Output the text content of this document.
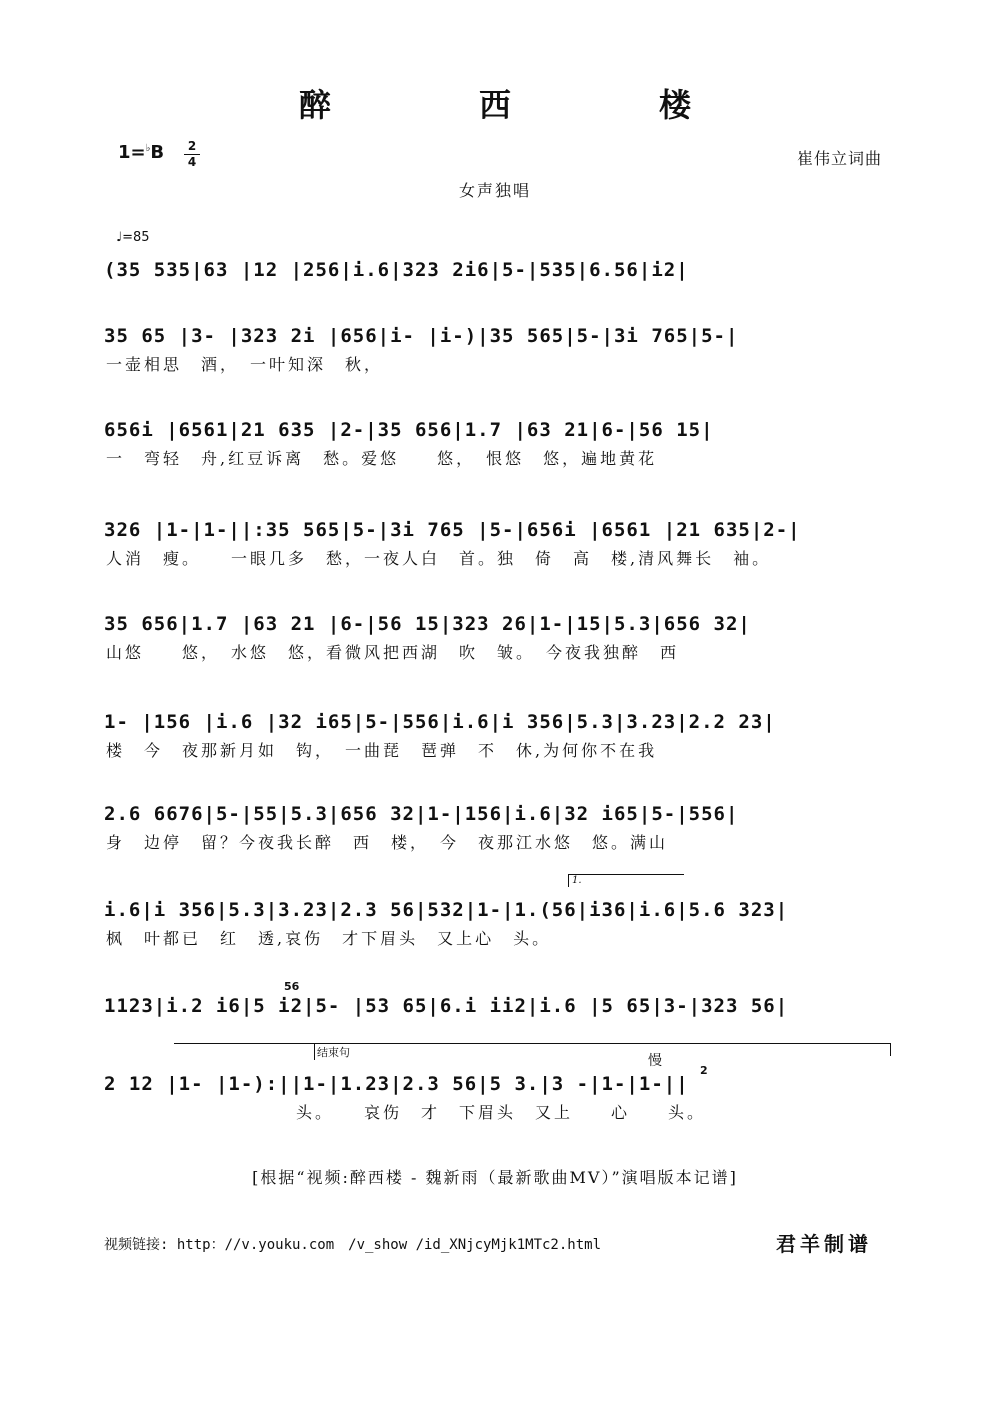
醉　西　楼
1=♭B	2
4	崔伟立词曲
女声独唱
♩=85
(35 535|63 |12 |256|i.6|323 2i6|5-|535|6.56|i2|
35 65 |3- |323 2i |656|i- |i-)|35 565|5-|3i 765|5-|
一壶相思　酒，　一叶知深　秋，
656i |6561|21 635 |2-|35 656|1.7 |63 21|6-|56 15|
一　弯轻　舟,红豆诉离　愁。爱悠　　悠，　恨悠　悠，遍地黄花
326 |1-|1-||:35 565|5-|3i 765 |5-|656i |6561 |21 635|2-|
人消　瘦。　　一眼几多　愁，一夜人白　首。独　倚　高　楼,清风舞长　袖。
35 656|1.7 |63 21 |6-|56 15|323 26|1-|15|5.3|656 32|
山悠　　悠，　水悠　悠，看微风把西湖　吹　皱。　今夜我独醉　西
1- |156 |i.6 |32 i65|5-|556|i.6|i 356|5.3|3.23|2.2 23|
楼　今　夜那新月如　钩，　一曲琵　琶弹　不　休,为何你不在我
2.6 6676|5-|55|5.3|656 32|1-|156|i.6|32 i65|5-|556|
身　边停　留？今夜我长醉　西　楼，　今　夜那江水悠　悠。满山
1.
i.6|i 356|5.3|3.23|2.3 56|532|1-|1.(56|i36|i.6|5.6 323|
枫　叶都已　红　透,哀伤　才下眉头　又上心　头。
56
1123|i.2 i6|5 i2|5- |53 65|6.i ii2|i.6 |5 65|3-|323 56|
结束句
慢
2
2 12 |1- |1-):||1-|1.23|2.3 56|5 3.|3 -|1-|1-||
　　　　　　　　　　头。　　哀伤　才　下眉头　又上　　心　　头。
[根据“视频:醉西楼 - 魏新雨（最新歌曲MV）”演唱版本记谱]
视频链接: http：//v.youku.com　/v_show /id_XNjcyMjk1MTc2.html	君羊制谱
